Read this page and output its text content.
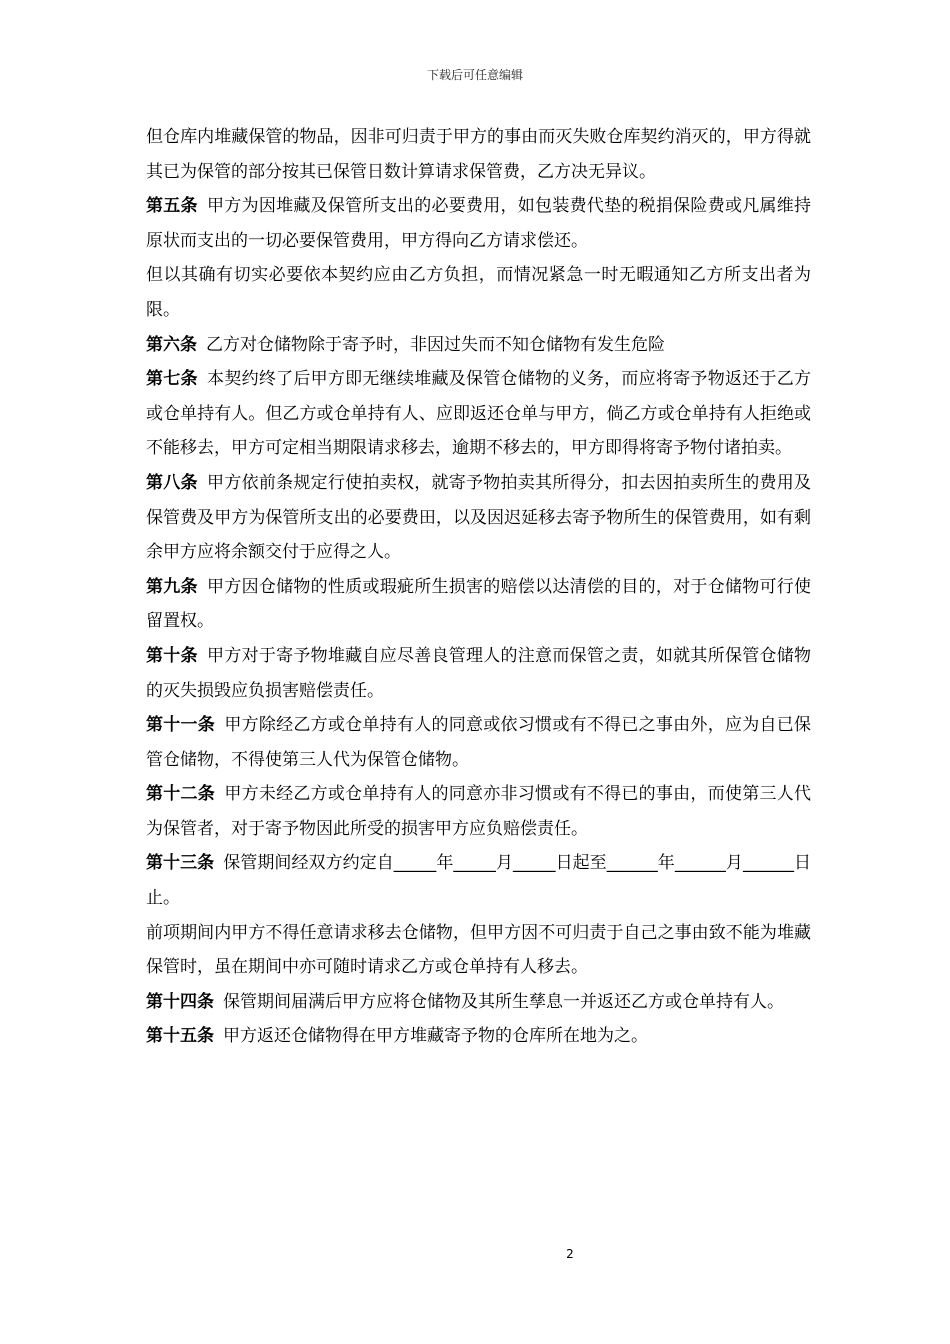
下载后可任意编辑

但仓库内堆藏保管的物品，因非可归责于甲方的事由而灭失败仓库契约消灭的，甲方得就其已为保管的部分按其已保管日数计算请求保管费，乙方决无异议。

第五条 甲方为因堆藏及保管所支出的必要费用，如包装费代垫的税捐保险费或凡属维持原状而支出的一切必要保管费用，甲方得向乙方请求偿还。

但以其确有切实必要依本契约应由乙方负担，而情况紧急一时无暇通知乙方所支出者为限。

第六条 乙方对仓储物除于寄予时，非因过失而不知仓储物有发生危险

第七条 本契约终了后甲方即无继续堆藏及保管仓储物的义务，而应将寄予物返还于乙方或仓单持有人。但乙方或仓单持有人、应即返还仓单与甲方，倘乙方或仓单持有人拒绝或不能移去，甲方可定相当期限请求移去，逾期不移去的，甲方即得将寄予物付诸拍卖。

第八条 甲方依前条规定行使拍卖权，就寄予物拍卖其所得分，扣去因拍卖所生的费用及保管费及甲方为保管所支出的必要费田，以及因迟延移去寄予物所生的保管费用，如有剩余甲方应将余额交付于应得之人。

第九条 甲方因仓储物的性质或瑕疵所生损害的赔偿以达清偿的目的，对于仓储物可行使留置权。

第十条 甲方对于寄予物堆藏自应尽善良管理人的注意而保管之责，如就其所保管仓储物的灭失损毁应负损害赔偿责任。

第十一条 甲方除经乙方或仓单持有人的同意或依习惯或有不得已之事由外，应为自已保管仓储物，不得使第三人代为保管仓储物。

第十二条 甲方未经乙方或仓单持有人的同意亦非习惯或有不得已的事由，而使第三人代为保管者，对于寄予物因此所受的损害甲方应负赔偿责任。

第十三条 保管期间经双方约定自_____年_____月_____日起至______年______月______日止。

前项期间内甲方不得任意请求移去仓储物，但甲方因不可归责于自己之事由致不能为堆藏保管时，虽在期间中亦可随时请求乙方或仓单持有人移去。

第十四条 保管期间届满后甲方应将仓储物及其所生孳息一并返还乙方或仓单持有人。

第十五条 甲方返还仓储物得在甲方堆藏寄予物的仓库所在地为之。

2
